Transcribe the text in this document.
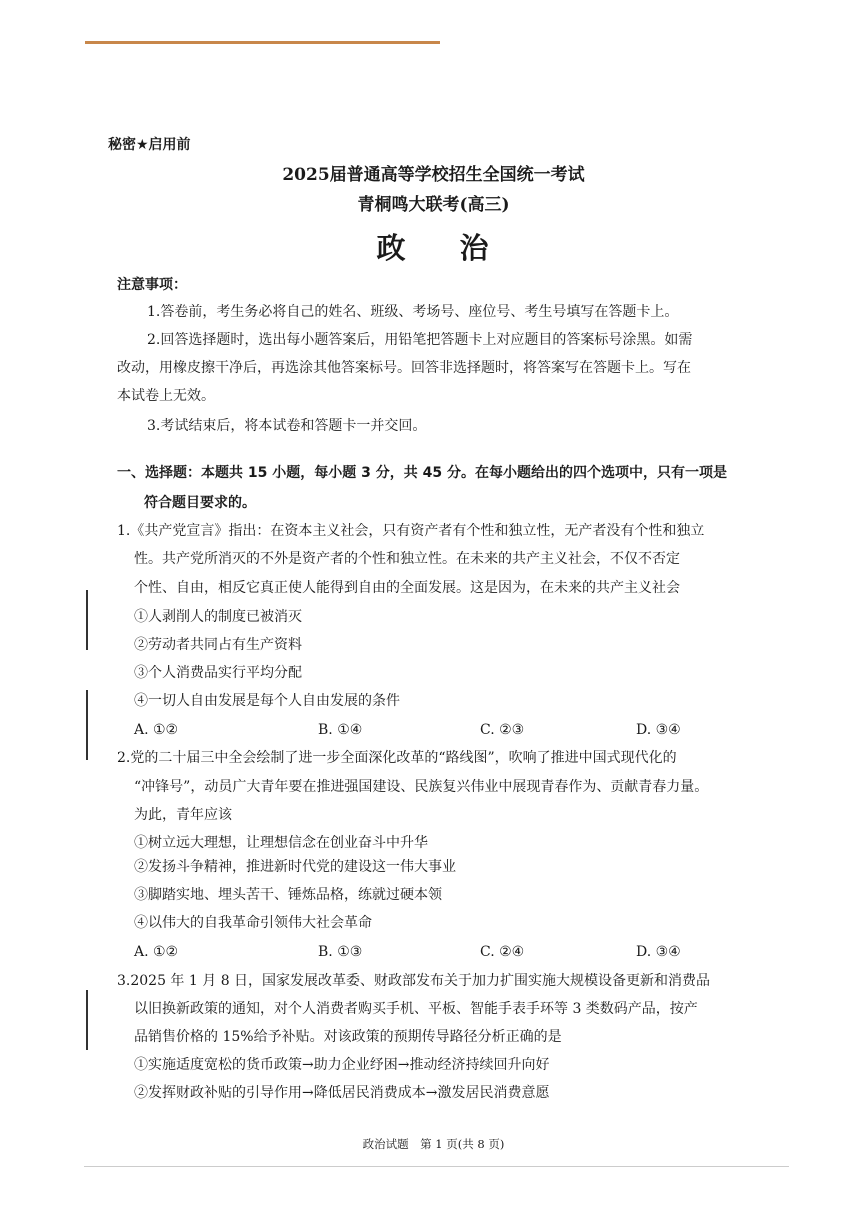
秘密★启用前
2025届普通高等学校招生全国统一考试
青桐鸣大联考(高三)
政 治
注意事项：
1.答卷前，考生务必将自己的姓名、班级、考场号、座位号、考生号填写在答题卡上。
2.回答选择题时，选出每小题答案后，用铅笔把答题卡上对应题目的答案标号涂黑。如需
改动，用橡皮擦干净后，再选涂其他答案标号。回答非选择题时，将答案写在答题卡上。写在
本试卷上无效。
3.考试结束后，将本试卷和答题卡一并交回。
一、选择题：本题共 15 小题，每小题 3 分，共 45 分。在每小题给出的四个选项中，只有一项是
符合题目要求的。
1.《共产党宣言》指出：在资本主义社会，只有资产者有个性和独立性，无产者没有个性和独立
性。共产党所消灭的不外是资产者的个性和独立性。在未来的共产主义社会，不仅不否定
个性、自由，相反它真正使人能得到自由的全面发展。这是因为，在未来的共产主义社会
①人剥削人的制度已被消灭
②劳动者共同占有生产资料
③个人消费品实行平均分配
④一切人自由发展是每个人自由发展的条件
A. ①②	B. ①④	C. ②③	D. ③④
2.党的二十届三中全会绘制了进一步全面深化改革的“路线图”，吹响了推进中国式现代化的
“冲锋号”，动员广大青年要在推进强国建设、民族复兴伟业中展现青春作为、贡献青春力量。
为此，青年应该
①树立远大理想，让理想信念在创业奋斗中升华
②发扬斗争精神，推进新时代党的建设这一伟大事业
③脚踏实地、埋头苦干、锤炼品格，练就过硬本领
④以伟大的自我革命引领伟大社会革命
A. ①②	B. ①③	C. ②④	D. ③④
3.2025 年 1 月 8 日，国家发展改革委、财政部发布关于加力扩围实施大规模设备更新和消费品
以旧换新政策的通知，对个人消费者购买手机、平板、智能手表手环等 3 类数码产品，按产
品销售价格的 15%给予补贴。对该政策的预期传导路径分析正确的是
①实施适度宽松的货币政策→助力企业纾困→推动经济持续回升向好
②发挥财政补贴的引导作用→降低居民消费成本→激发居民消费意愿
政治试题　第 1 页(共 8 页)
